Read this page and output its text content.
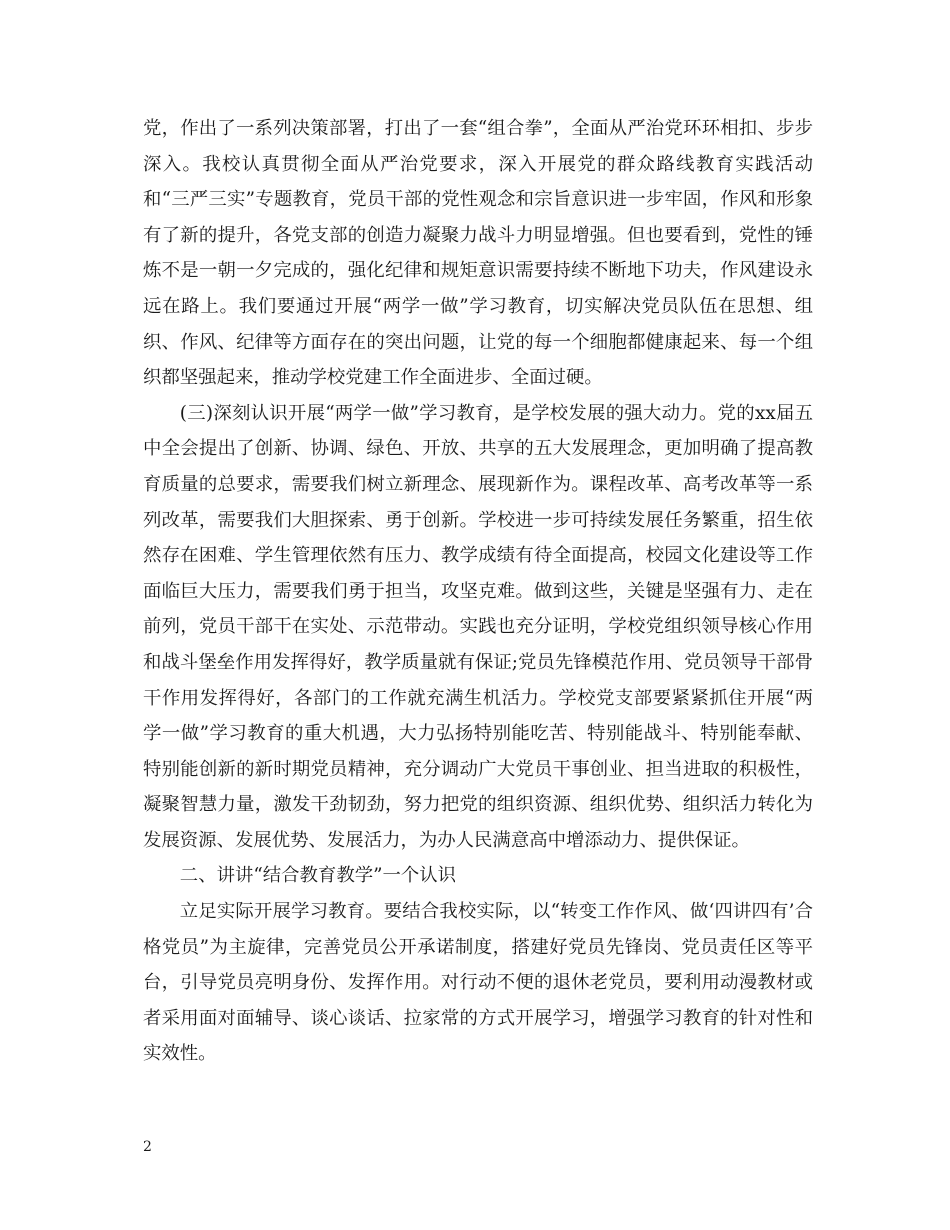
党，作出了一系列决策部署，打出了一套“组合拳”，全面从严治党环环相扣、步步深入。我校认真贯彻全面从严治党要求，深入开展党的群众路线教育实践活动和“三严三实”专题教育，党员干部的党性观念和宗旨意识进一步牢固，作风和形象有了新的提升，各党支部的创造力凝聚力战斗力明显增强。但也要看到，党性的锤炼不是一朝一夕完成的，强化纪律和规矩意识需要持续不断地下功夫，作风建设永远在路上。我们要通过开展“两学一做”学习教育，切实解决党员队伍在思想、组织、作风、纪律等方面存在的突出问题，让党的每一个细胞都健康起来、每一个组织都坚强起来，推动学校党建工作全面进步、全面过硬。

(三)深刻认识开展“两学一做”学习教育，是学校发展的强大动力。党的xx届五中全会提出了创新、协调、绿色、开放、共享的五大发展理念，更加明确了提高教育质量的总要求，需要我们树立新理念、展现新作为。课程改革、高考改革等一系列改革，需要我们大胆探索、勇于创新。学校进一步可持续发展任务繁重，招生依然存在困难、学生管理依然有压力、教学成绩有待全面提高，校园文化建设等工作面临巨大压力，需要我们勇于担当，攻坚克难。做到这些，关键是坚强有力、走在前列，党员干部干在实处、示范带动。实践也充分证明，学校党组织领导核心作用和战斗堡垒作用发挥得好，教学质量就有保证;党员先锋模范作用、党员领导干部骨干作用发挥得好，各部门的工作就充满生机活力。学校党支部要紧紧抓住开展“两学一做”学习教育的重大机遇，大力弘扬特别能吃苦、特别能战斗、特别能奉献、特别能创新的新时期党员精神，充分调动广大党员干事创业、担当进取的积极性，凝聚智慧力量，激发干劲韧劲，努力把党的组织资源、组织优势、组织活力转化为发展资源、发展优势、发展活力，为办人民满意高中增添动力、提供保证。

二、讲讲“结合教育教学”一个认识

立足实际开展学习教育。要结合我校实际，以“转变工作作风、做‘四讲四有’合格党员”为主旋律，完善党员公开承诺制度，搭建好党员先锋岗、党员责任区等平台，引导党员亮明身份、发挥作用。对行动不便的退休老党员，要利用动漫教材或者采用面对面辅导、谈心谈话、拉家常的方式开展学习，增强学习教育的针对性和实效性。

2
